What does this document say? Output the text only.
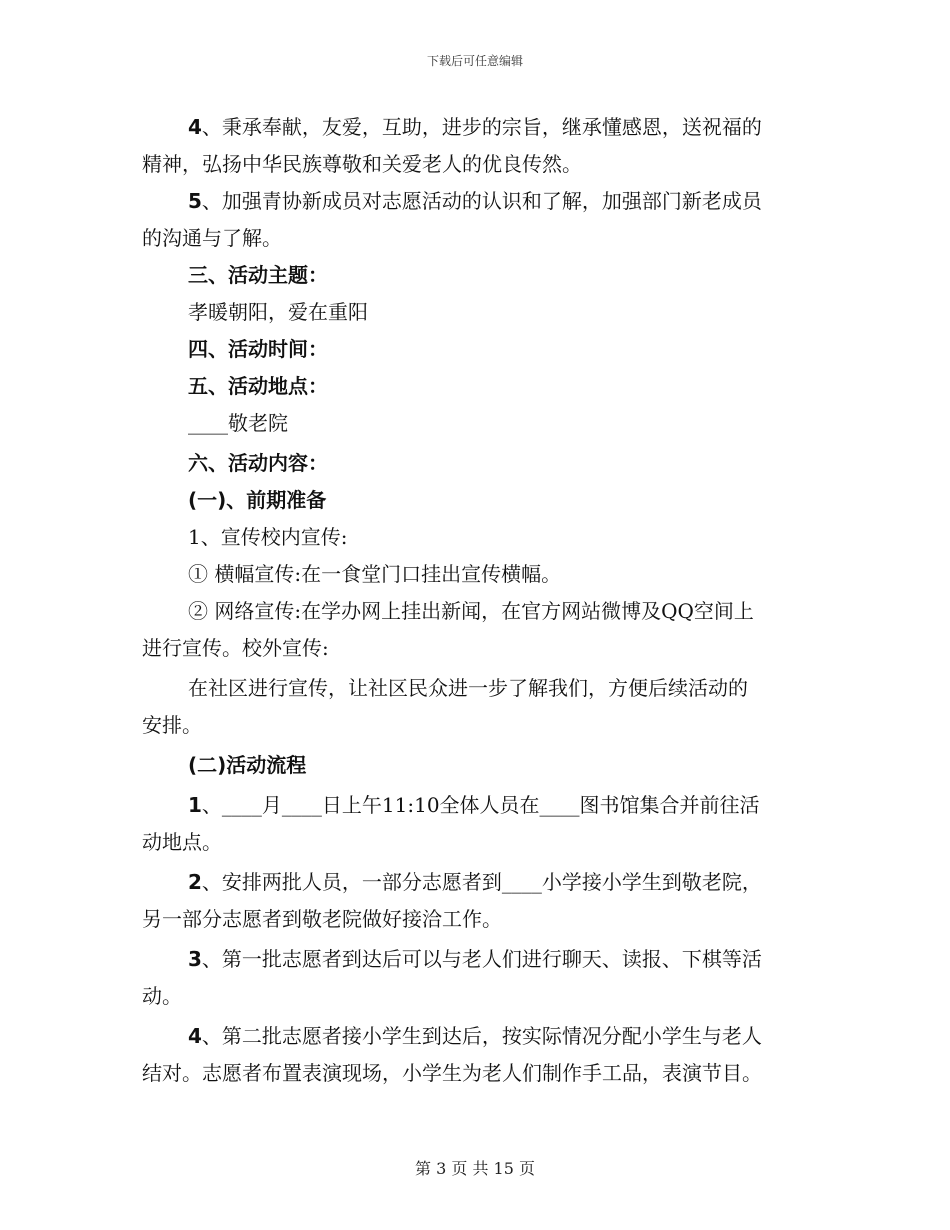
下载后可任意编辑
4、秉承奉献，友爱，互助，进步的宗旨，继承懂感恩，送祝福的
精神，弘扬中华民族尊敬和关爱老人的优良传然。
5、加强青协新成员对志愿活动的认识和了解，加强部门新老成员
的沟通与了解。
三、活动主题：
孝暖朝阳，爱在重阳
四、活动时间：
五、活动地点：
____敬老院
六、活动内容：
(一)、前期准备
1、宣传校内宣传:
① 横幅宣传:在一食堂门口挂出宣传横幅。
② 网络宣传:在学办网上挂出新闻，在官方网站微博及QQ空间上
进行宣传。校外宣传:
在社区进行宣传，让社区民众进一步了解我们，方便后续活动的
安排。
(二)活动流程
1、____月____日上午11:10全体人员在____图书馆集合并前往活
动地点。
2、安排两批人员，一部分志愿者到____小学接小学生到敬老院，
另一部分志愿者到敬老院做好接洽工作。
3、第一批志愿者到达后可以与老人们进行聊天、读报、下棋等活
动。
4、第二批志愿者接小学生到达后，按实际情况分配小学生与老人
结对。志愿者布置表演现场，小学生为老人们制作手工品，表演节目。
第 3 页 共 15 页
